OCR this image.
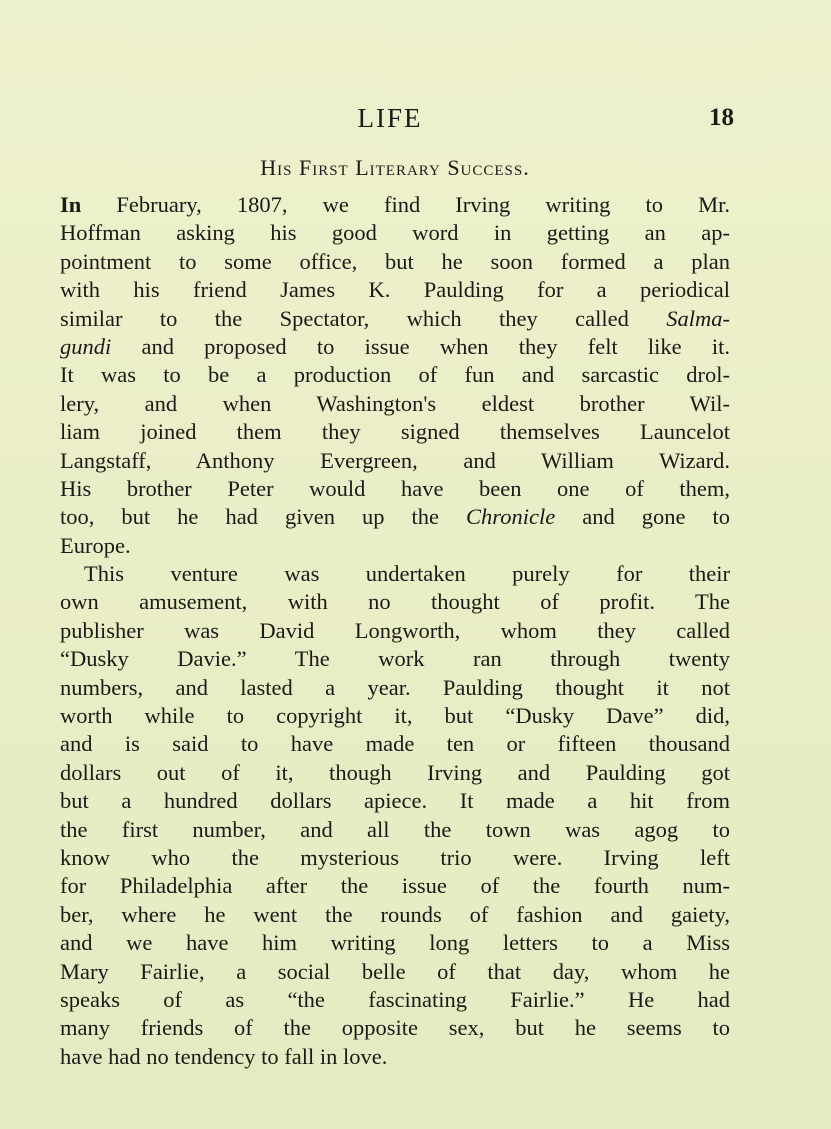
LIFE	18
His First Literary Success.
In February, 1807, we find Irving writing to Mr.
Hoffman asking his good word in getting an ap-
pointment to some office, but he soon formed a plan
with his friend James K. Paulding for a periodical
similar to the Spectator, which they called Salma-
gundi and proposed to issue when they felt like it.
It was to be a production of fun and sarcastic drol-
lery, and when Washington's eldest brother Wil-
liam joined them they signed themselves Launcelot
Langstaff, Anthony Evergreen, and William Wizard.
His brother Peter would have been one of them,
too, but he had given up the Chronicle and gone to
Europe.
This venture was undertaken purely for their
own amusement, with no thought of profit. The
publisher was David Longworth, whom they called
“Dusky Davie.” The work ran through twenty
numbers, and lasted a year. Paulding thought it not
worth while to copyright it, but “Dusky Dave” did,
and is said to have made ten or fifteen thousand
dollars out of it, though Irving and Paulding got
but a hundred dollars apiece. It made a hit from
the first number, and all the town was agog to
know who the mysterious trio were. Irving left
for Philadelphia after the issue of the fourth num-
ber, where he went the rounds of fashion and gaiety,
and we have him writing long letters to a Miss
Mary Fairlie, a social belle of that day, whom he
speaks of as “the fascinating Fairlie.” He had
many friends of the opposite sex, but he seems to
have had no tendency to fall in love.
